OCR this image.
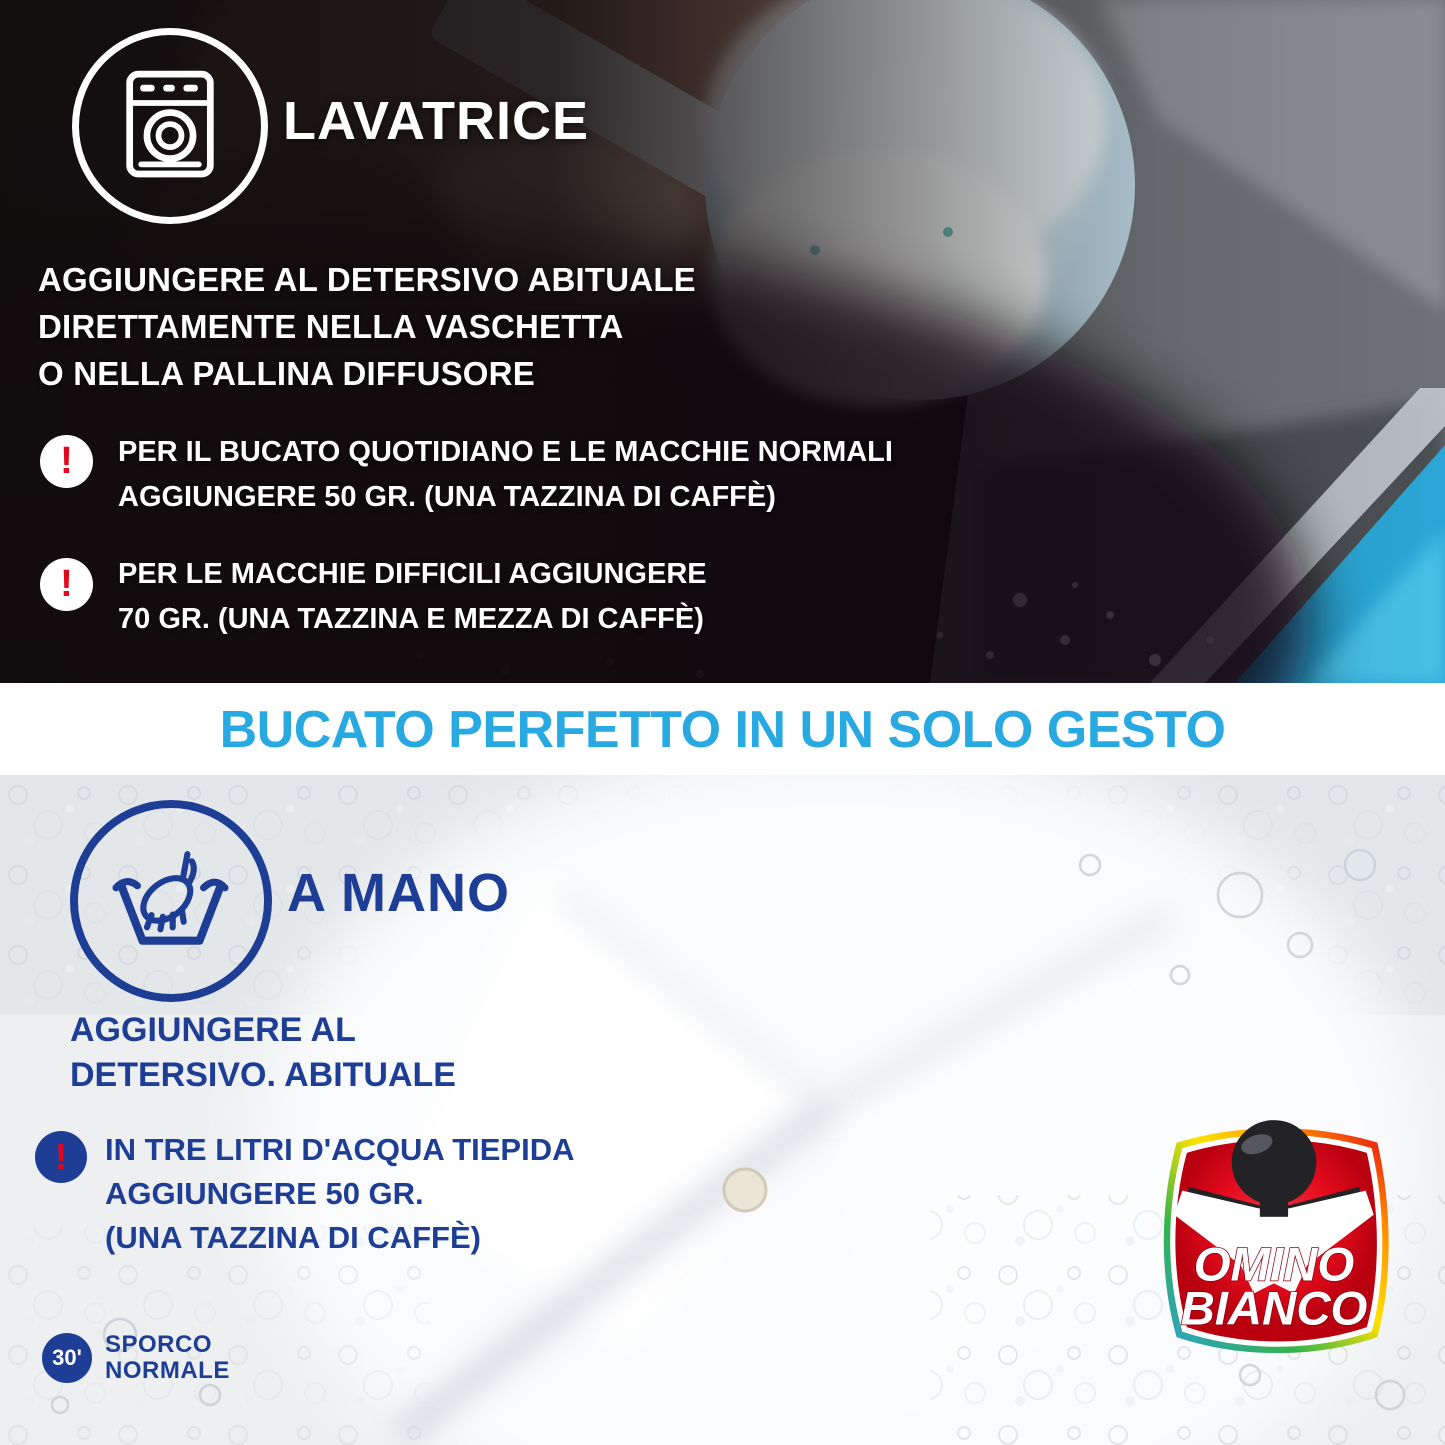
LAVATRICE
AGGIUNGERE AL DETERSIVO ABITUALE
DIRETTAMENTE NELLA VASCHETTA
O NELLA PALLINA DIFFUSORE
!	PER IL BUCATO QUOTIDIANO E LE MACCHIE NORMALI
AGGIUNGERE 50 GR. (UNA TAZZINA DI CAFFÈ)
!	PER LE MACCHIE DIFFICILI AGGIUNGERE
70 GR. (UNA TAZZINA E MEZZA DI CAFFÈ)
BUCATO PERFETTO IN UN SOLO GESTO
A MANO
AGGIUNGERE AL
DETERSIVO. ABITUALE
!	IN TRE LITRI D'ACQUA TIEPIDA
AGGIUNGERE 50 GR.
(UNA TAZZINA DI CAFFÈ)
30' SPORCO
NORMALE
OMINO
BIANCO
